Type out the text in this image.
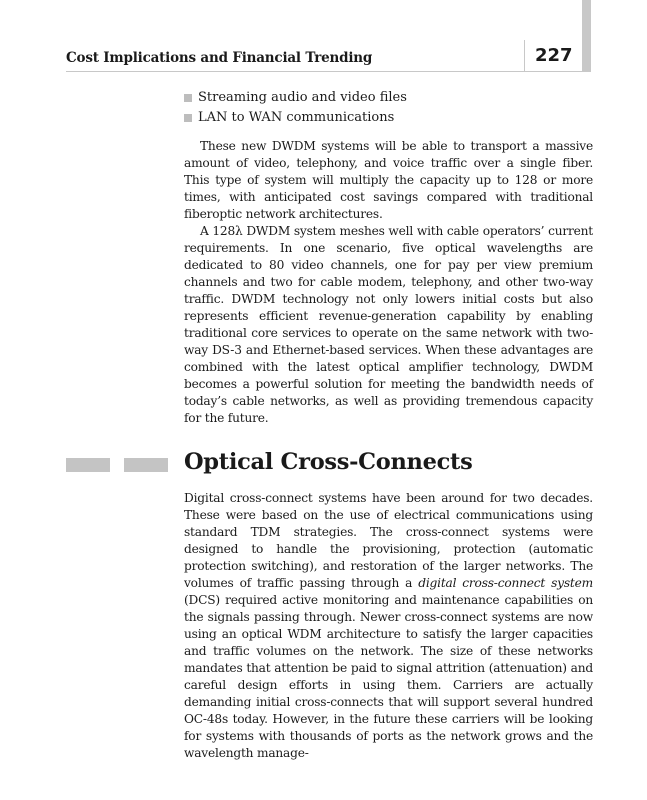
Cost Implications and Financial Trending	227
Streaming audio and video files
LAN to WAN communications

These new DWDM systems will be able to transport a massive amount of video, telephony, and voice traffic over a single fiber. This type of system will multiply the capacity up to 128 or more times, with anticipated cost savings compared with traditional fiberoptic network architectures.

A 128λ DWDM system meshes well with cable operators’ current requirements. In one scenario, five optical wavelengths are dedicated to 80 video channels, one for pay per view premium channels and two for cable modem, telephony, and other two-way traffic. DWDM technology not only lowers initial costs but also represents efficient revenue-generation capability by enabling traditional core services to operate on the same network with two-way DS-3 and Ethernet-based services. When these advantages are combined with the latest optical amplifier technology, DWDM becomes a powerful solution for meeting the bandwidth needs of today’s cable networks, as well as providing tremendous capacity for the future.

Optical Cross-Connects

Digital cross-connect systems have been around for two decades. These were based on the use of electrical communications using standard TDM strategies. The cross-connect systems were designed to handle the provisioning, protection (automatic protection switching), and restoration of the larger networks. The volumes of traffic passing through a digital cross-connect system (DCS) required active monitoring and maintenance capabilities on the signals passing through. Newer cross-connect systems are now using an optical WDM architecture to satisfy the larger capacities and traffic volumes on the network. The size of these networks mandates that attention be paid to signal attrition (attenuation) and careful design efforts in using them. Carriers are actually demanding initial cross-connects that will support several hundred OC-48s today. However, in the future these carriers will be looking for systems with thousands of ports as the network grows and the wavelength manage-
